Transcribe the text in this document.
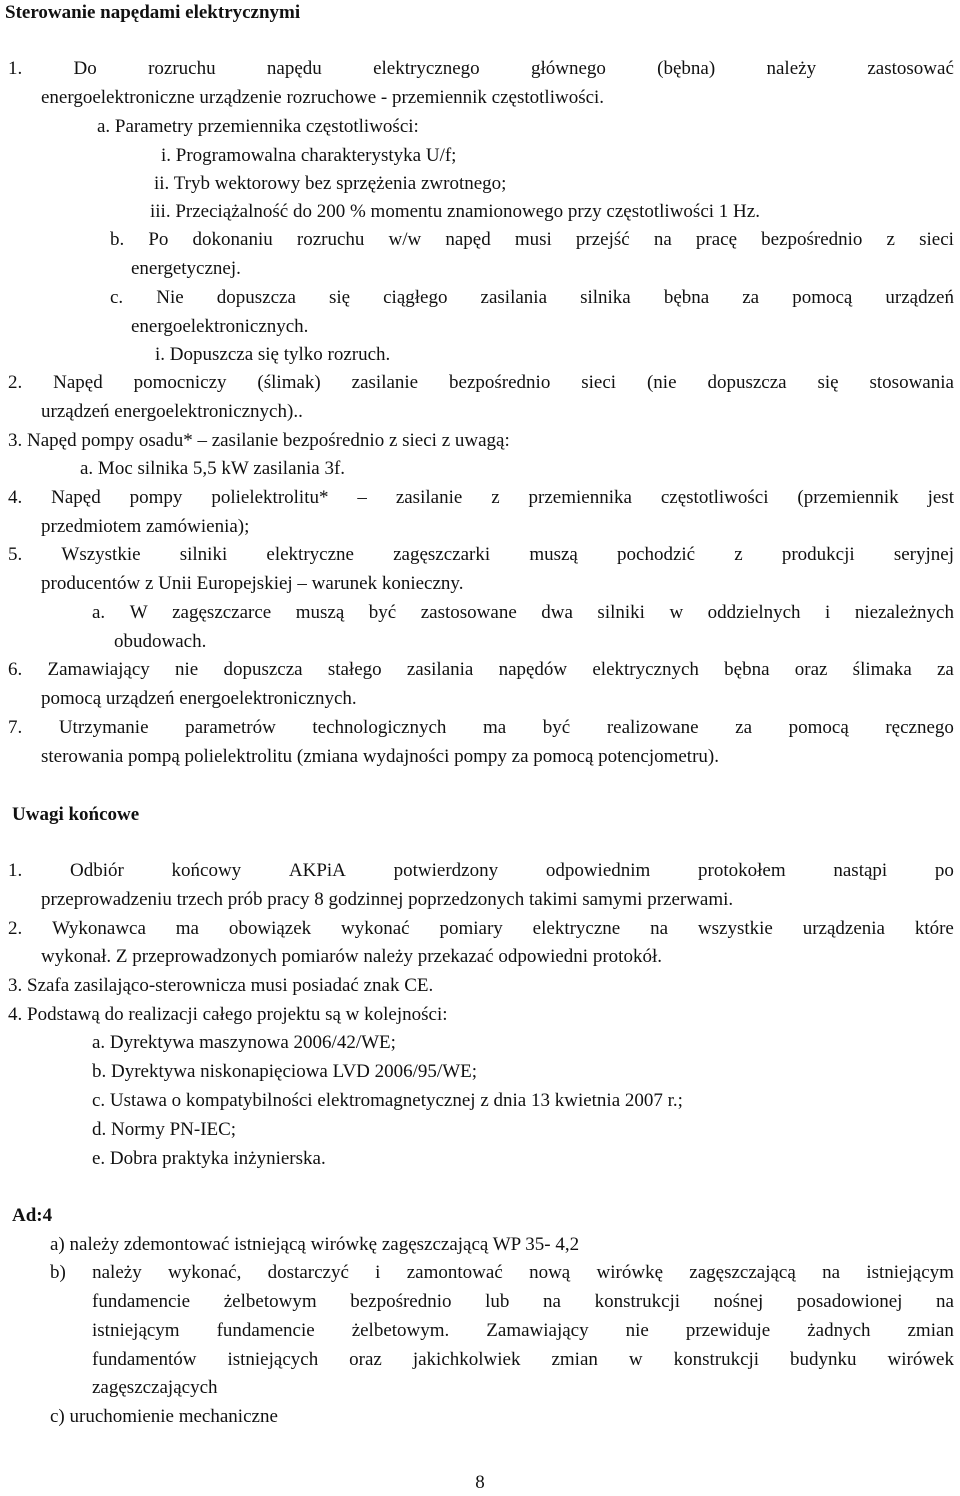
Sterowanie napędami elektrycznymi
1.	Do	rozruchu	napędu	elektrycznego	głównego	(bębna)	należy	zastosować
energoelektroniczne urządzenie rozruchowe - przemiennik częstotliwości.
a. Parametry przemiennika częstotliwości:
i. Programowalna charakterystyka U/f;
ii. Tryb wektorowy bez sprzężenia zwrotnego;
iii. Przeciążalność do 200 % momentu znamionowego przy częstotliwości 1 Hz.
b. Po dokonaniu rozruchu w/w napęd musi przejść na pracę bezpośrednio z sieci
energetycznej.
c. Nie dopuszcza się ciągłego zasilania silnika bębna za pomocą urządzeń
energoelektronicznych.
i. Dopuszcza się tylko rozruch.
2. Napęd pomocniczy (ślimak) zasilanie bezpośrednio sieci (nie dopuszcza się stosowania
urządzeń energoelektronicznych)..
3. Napęd pompy osadu* – zasilanie bezpośrednio z sieci z uwagą:
a. Moc silnika 5,5 kW zasilania 3f.
4. Napęd pompy polielektrolitu* – zasilanie z przemiennika częstotliwości (przemiennik jest
przedmiotem zamówienia);
5. Wszystkie silniki elektryczne zagęszczarki muszą pochodzić z produkcji seryjnej
producentów z Unii Europejskiej – warunek konieczny.
a. W zagęszczarce muszą być zastosowane dwa silniki w oddzielnych i niezależnych
obudowach.
6. Zamawiający nie dopuszcza stałego zasilania napędów elektrycznych bębna oraz ślimaka za
pomocą urządzeń energoelektronicznych.
7. Utrzymanie parametrów technologicznych ma być realizowane za pomocą ręcznego
sterowania pompą polielektrolitu (zmiana wydajności pompy za pomocą potencjometru).
Uwagi końcowe
1.	Odbiór	końcowy	AKPiA	potwierdzony	odpowiednim	protokołem	nastąpi	po
przeprowadzeniu trzech prób pracy 8 godzinnej poprzedzonych takimi samymi przerwami.
2. Wykonawca ma obowiązek wykonać pomiary elektryczne na wszystkie urządzenia które
wykonał. Z przeprowadzonych pomiarów należy przekazać odpowiedni protokół.
3. Szafa zasilająco-sterownicza musi posiadać znak CE.
4. Podstawą do realizacji całego projektu są w kolejności:
a. Dyrektywa maszynowa 2006/42/WE;
b. Dyrektywa niskonapięciowa LVD 2006/95/WE;
c. Ustawa o kompatybilności elektromagnetycznej z dnia 13 kwietnia 2007 r.;
d. Normy PN-IEC;
e. Dobra praktyka inżynierska.
Ad:4
a) należy zdemontować istniejącą wirówkę zagęszczającą WP 35- 4,2
b) należy wykonać, dostarczyć i zamontować nową wirówkę zagęszczającą na istniejącym
fundamencie żelbetowym bezpośrednio lub na konstrukcji nośnej posadowionej na
istniejącym fundamencie żelbetowym. Zamawiający nie przewiduje żadnych zmian
fundamentów istniejących oraz jakichkolwiek zmian w konstrukcji budynku wirówek
zagęszczających
c) uruchomienie mechaniczne
8
